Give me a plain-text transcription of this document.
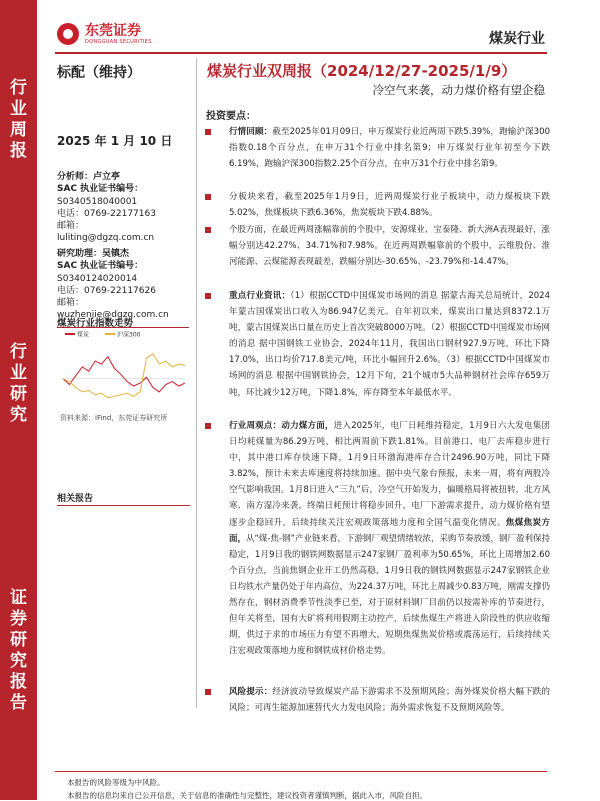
行业周报
行业研究
证券研究报告
东莞证券
DONGGUAN SECURITIES	煤炭行业
标配（维持）	煤炭行业双周报（2024/12/27-2025/1/9）
冷空气来袭，动力煤价格有望企稳
2025 年 1 月 10 日
分析师：卢立亭
SAC 执业证书编号：
S0340518040001
电话：0769-22177163
邮箱：
luliting@dgzq.com.cn
研究助理：吴镇杰
SAC 执业证书编号：
S0340124020014
电话：0769-22117626
邮箱：
wuzhenjie@dgzq.com.cn
煤炭行业指数走势
煤炭	沪深300
资料来源：iFind，东莞证券研究所
相关报告
投资要点：
行情回顾：截至2025年01月09日，申万煤炭行业近两周下跌5.39%，跑输沪深300指数0.18个百分点，在申万31个行业中排名第9；申万煤炭行业年初至今下跌6.19%，跑输沪深300指数2.25个百分点，在申万31个行业中排名第9。
分板块来看，截至2025年1月9日，近两周煤炭行业子板块中，动力煤板块下跌5.02%，焦煤板块下跌6.36%，焦炭板块下跌4.88%。
个股方面，在最近两周涨幅靠前的个股中，安源煤业、宝泰隆、新大洲A表现最好，涨幅分别达42.27%、34.71%和7.98%。在近两周跌幅靠前的个股中，云维股份、淮河能源、云煤能源表现最差，跌幅分别达-30.65%、-23.79%和-14.47%。
重点行业资讯：（1）根据CCTD中国煤炭市场网的消息 据蒙古海关总局统计，2024年蒙古国煤炭出口收入为86.947亿美元。自年初以来，煤炭出口量达到8372.1万吨，蒙古国煤炭出口量在历史上首次突破8000万吨。（2）根据CCTD中国煤炭市场网的消息 据中国钢铁工业协会，2024年11月，我国出口钢材927.9万吨，环比下降17.0%，出口均价717.8美元/吨，环比小幅回升2.6%。（3）根据CCTD中国煤炭市场网的消息 根据中国钢铁协会，12月下旬，21个城市5大品种钢材社会库存659万吨，环比减少12万吨，下降1.8%，库存降至本年最低水平。
行业周观点：动力煤方面，进入2025年，电厂日耗维持稳定，1月9日六大发电集团日均耗煤量为86.29万吨，相比两周前下跌1.81%。目前港口、电厂去库稳步进行中，其中港口库存快速下降，1月9日环渤海港库存合计2496.90万吨，同比下降3.82%，预计未来去库速度将持续加速。据中央气象台预报，未来一周，将有两股冷空气影响我国。1月8日进入“三九”后，冷空气开始发力，偏暖格局将被扭转，北方风寒、南方湿冷来袭，终端日耗预计将稳步回升，电厂下游需求提升，动力煤价格有望逐步企稳回升，后续持续关注宏观政策落地力度和全国气温变化情况。焦煤焦炭方面，从“煤-焦-钢”产业链来看，下游钢厂观望情绪较浓，采购节奏放缓，钢厂盈利保持稳定，1月9日我的钢铁网数据显示247家钢厂盈利率为50.65%，环比上周增加2.60个百分点，当前焦钢企业开工仍然高稳，1月9日我的钢铁网数据显示247家钢铁企业日均铁水产量仍处于年内高位，为224.37万吨，环比上周减少0.83万吨，刚需支撑仍然存在，钢材消费季节性淡季已至，对于原材料钢厂目前仍以按需补库的节奏进行，但年关将至，国有大矿将利用假期主动控产，后续焦煤生产将进入阶段性的供应收缩期，供过于求的市场压力有望不再增大，短期焦煤焦炭价格或震荡运行，后续持续关注宏观政策落地力度和钢铁成材价格走势。
风险提示：经济波动导致煤炭产品下游需求不及预期风险；海外煤炭价格大幅下跌的风险；可再生能源加速替代火力发电风险；海外需求恢复不及预期风险等。
本报告的风险等级为中风险。
本报告的信息均来自已公开信息，关于信息的准确性与完整性，建议投资者谨慎判断，据此入市，风险自担。
